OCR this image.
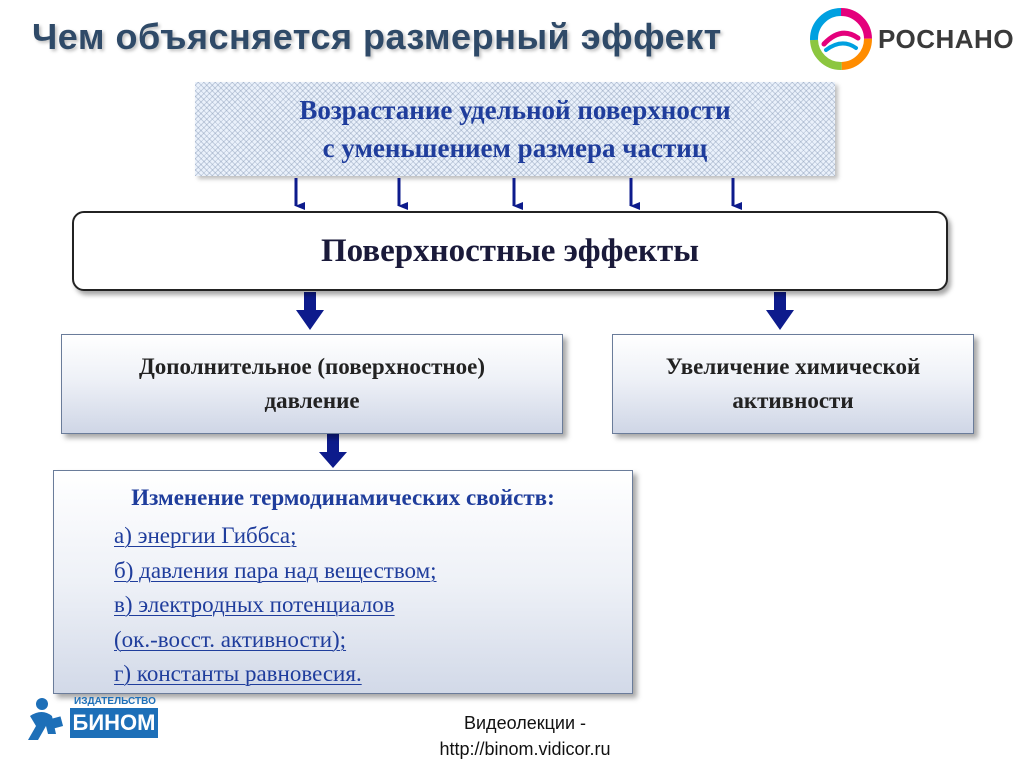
Чем объясняется размерный эффект	РОСНАНО
Возрастание удельной поверхности
с уменьшением размера частиц
Поверхностные эффекты
Дополнительное (поверхностное)
давление
Увеличение химической
активности
Изменение термодинамических свойств:
а) энергии Гиббса;
б) давления пара над веществом;
в) электродных потенциалов
(ок.-восст. активности);
г) константы равновесия.
ИЗДАТЕЛЬСТВО
БИНОМ	Видеолекции -
http://binom.vidicor.ru
